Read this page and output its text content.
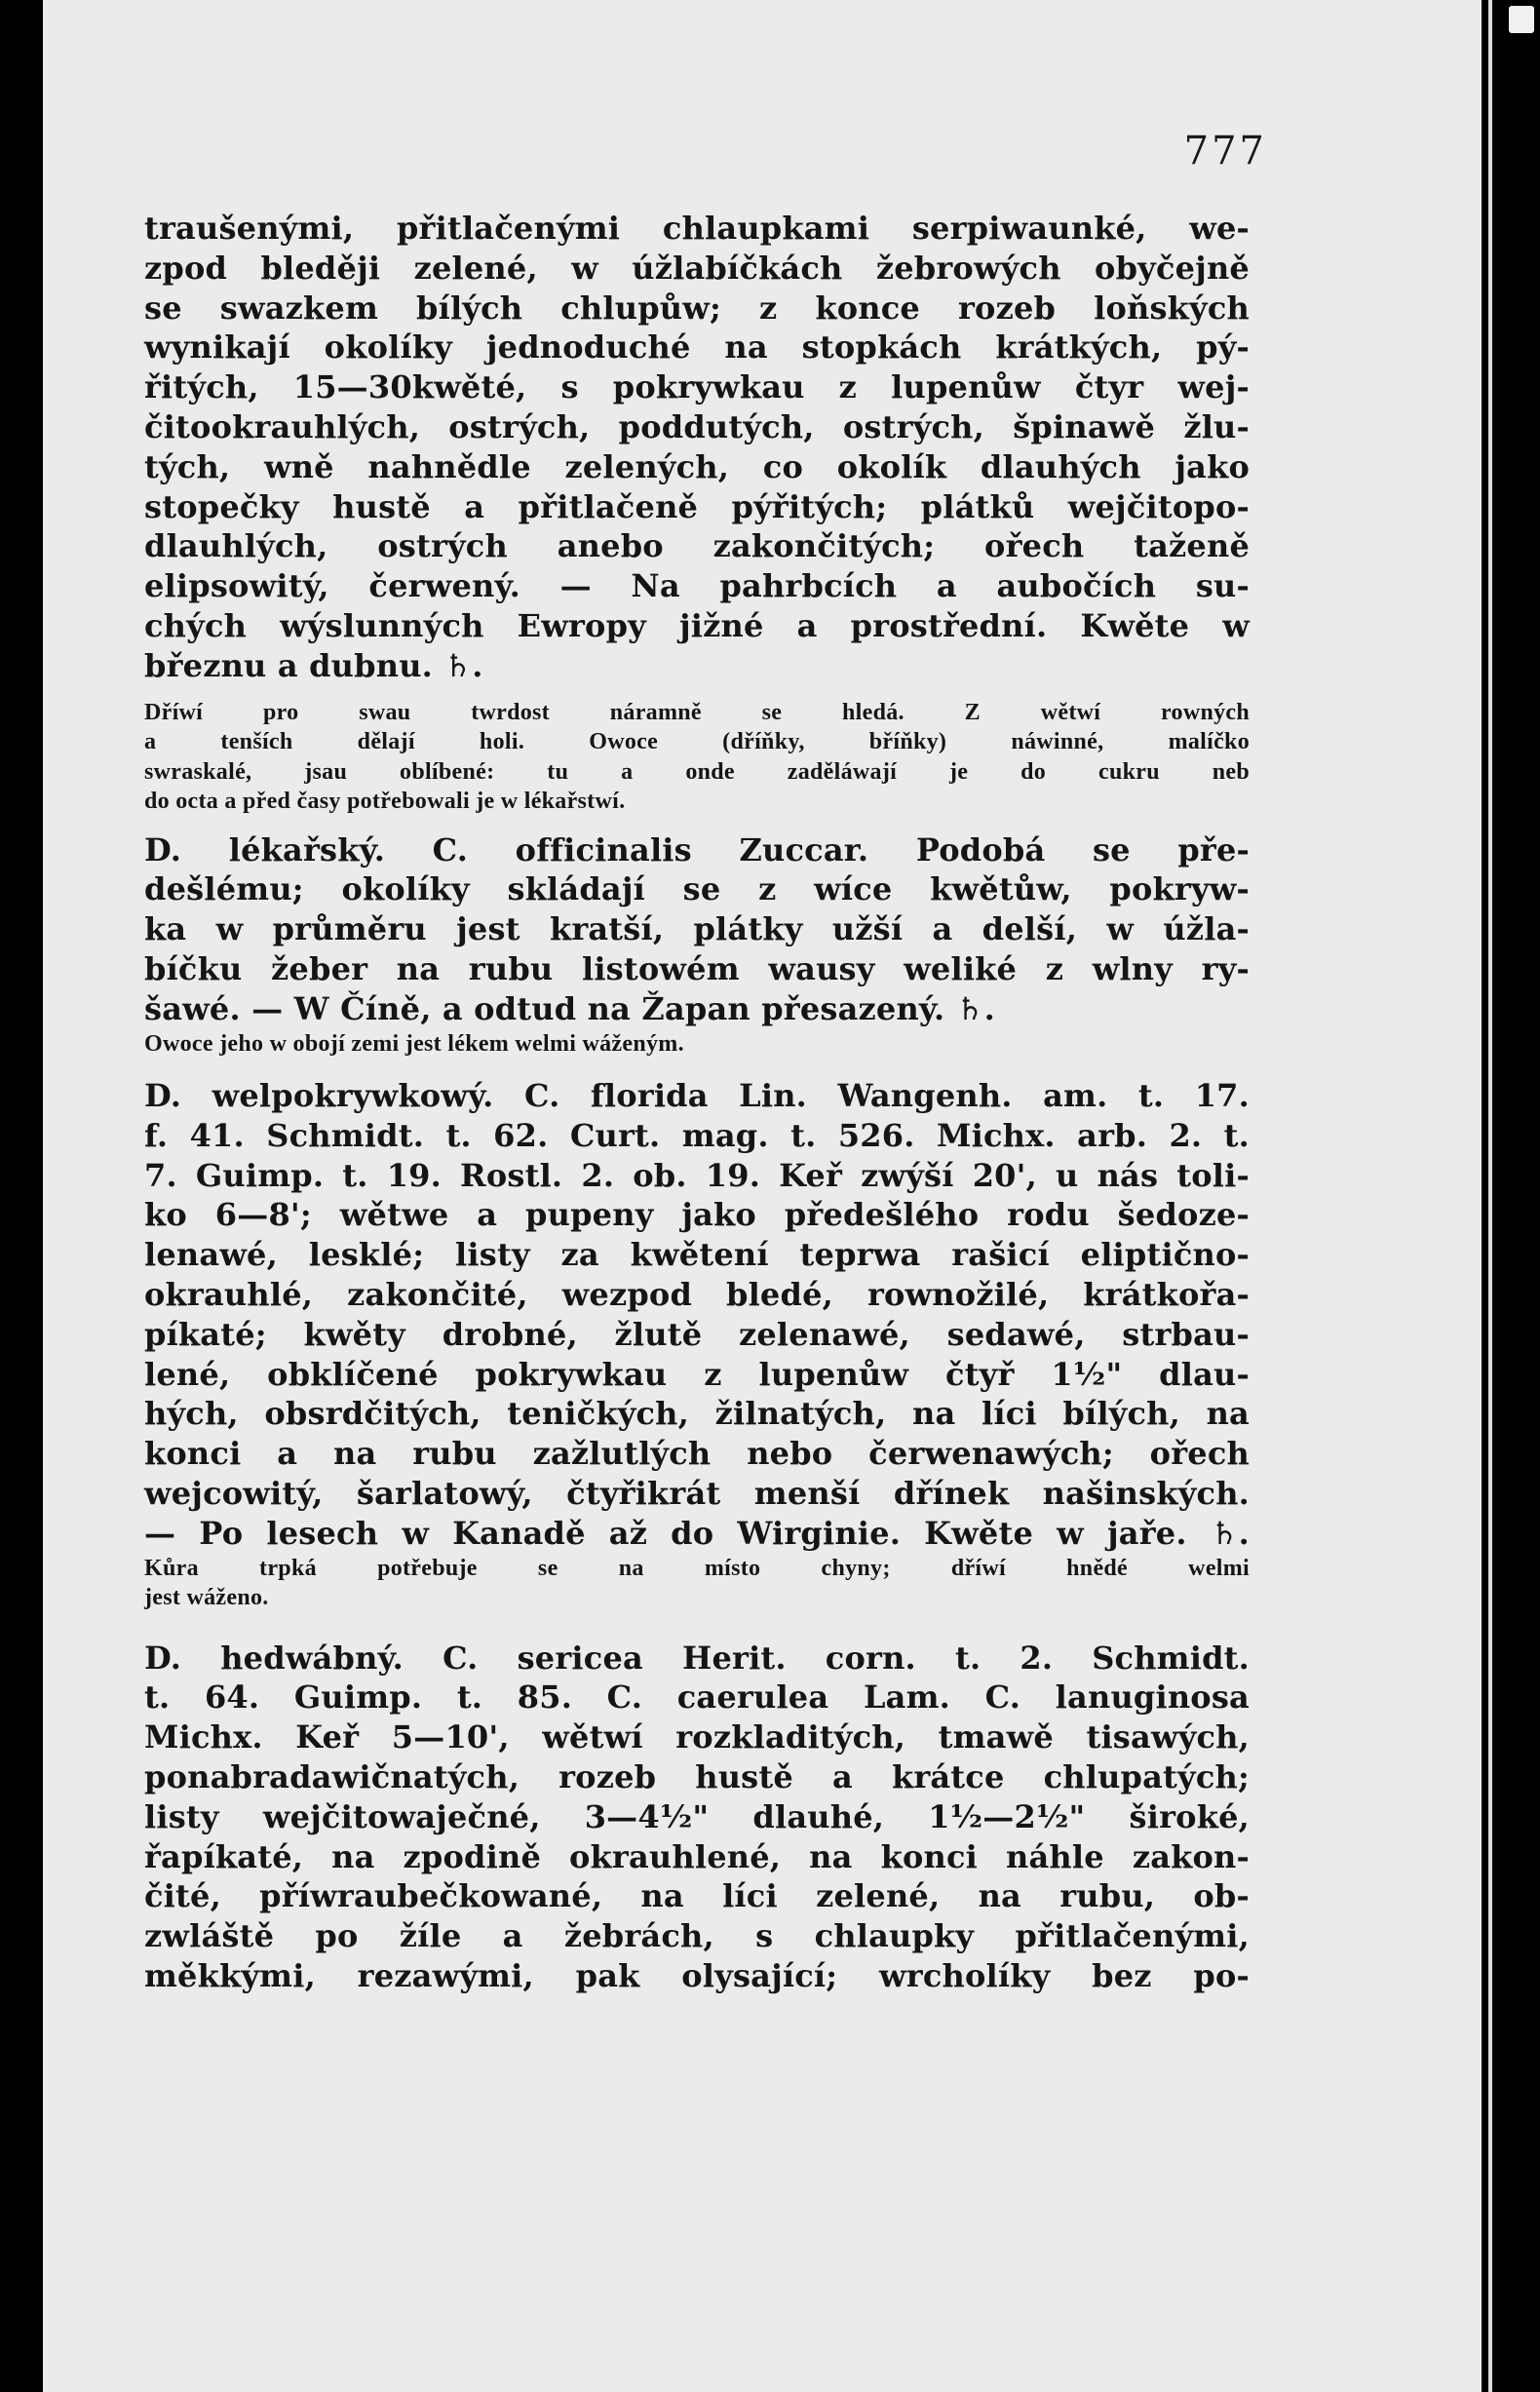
777
traušenými, přitlačenými chlaupkami serpiwaunké, we-
zpod bleději zelené, w úžlabíčkách žebrowých obyčejně
se swazkem bílých chlupůw; z konce rozeb loňských
wynikají okolíky jednoduché na stopkách krátkých, pý-
řitých, 15—30kwěté, s pokrywkau z lupenůw čtyr wej-
čitookrauhlých, ostrých, poddutých, ostrých, špinawě žlu-
tých, wně nahnědle zelených, co okolík dlauhých jako
stopečky hustě a přitlačeně pýřitých; plátků wejčitopo-
dlauhlých, ostrých anebo zakončitých; ořech taženě
elipsowitý, čerwený. — Na pahrbcích a aubočích su-
chých wýslunných Ewropy jižné a prostřední. Kwěte w
březnu a dubnu. ♄.
Dříwí pro swau twrdost náramně se hledá. Z wětwí rowných
a tenších dělají holi. Owoce (dříňky, bříňky) náwinné, malíčko
swraskalé, jsau oblíbené: tu a onde zaděláwají je do cukru neb
do octa a před časy potřebowali je w lékařstwí.
D. lékařský. C. officinalis Zuccar. Podobá se pře-
dešlému; okolíky skládají se z wíce kwětůw, pokryw-
ka w průměru jest kratší, plátky užší a delší, w úžla-
bíčku žeber na rubu listowém wausy weliké z wlny ry-
šawé. — W Číně, a odtud na Žapan přesazený. ♄.
Owoce jeho w obojí zemi jest lékem welmi wáženým.
D. welpokrywkowý. C. florida Lin. Wangenh. am. t. 17.
f. 41. Schmidt. t. 62. Curt. mag. t. 526. Michx. arb. 2. t.
7. Guimp. t. 19. Rostl. 2. ob. 19. Keř zwýší 20', u nás toli-
ko 6—8'; wětwe a pupeny jako předešlého rodu šedoze-
lenawé, lesklé; listy za kwětení teprwa rašicí eliptično-
okrauhlé, zakončité, wezpod bledé, rownožilé, krátkořa-
píkaté; kwěty drobné, žlutě zelenawé, sedawé, strbau-
lené, obklíčené pokrywkau z lupenůw čtyř 1½" dlau-
hých, obsrdčitých, teničkých, žilnatých, na líci bílých, na
konci a na rubu zažlutlých nebo čerwenawých; ořech
wejcowitý, šarlatowý, čtyřikrát menší dřínek našinských.
— Po lesech w Kanadě až do Wirginie. Kwěte w jaře. ♄.
Kůra trpká potřebuje se na místo chyny; dříwí hnědé welmi
jest wáženo.
D. hedwábný. C. sericea Herit. corn. t. 2. Schmidt.
t. 64. Guimp. t. 85. C. caerulea Lam. C. lanuginosa
Michx. Keř 5—10', wětwí rozkladitých, tmawě tisawých,
ponabradawičnatých, rozeb hustě a krátce chlupatých;
listy wejčitowaječné, 3—4½" dlauhé, 1½—2½" široké,
řapíkaté, na zpodině okrauhlené, na konci náhle zakon-
čité, příwraubečkowané, na líci zelené, na rubu, ob-
zwláště po žíle a žebrách, s chlaupky přitlačenými,
měkkými, rezawými, pak olysající; wrcholíky bez po-
